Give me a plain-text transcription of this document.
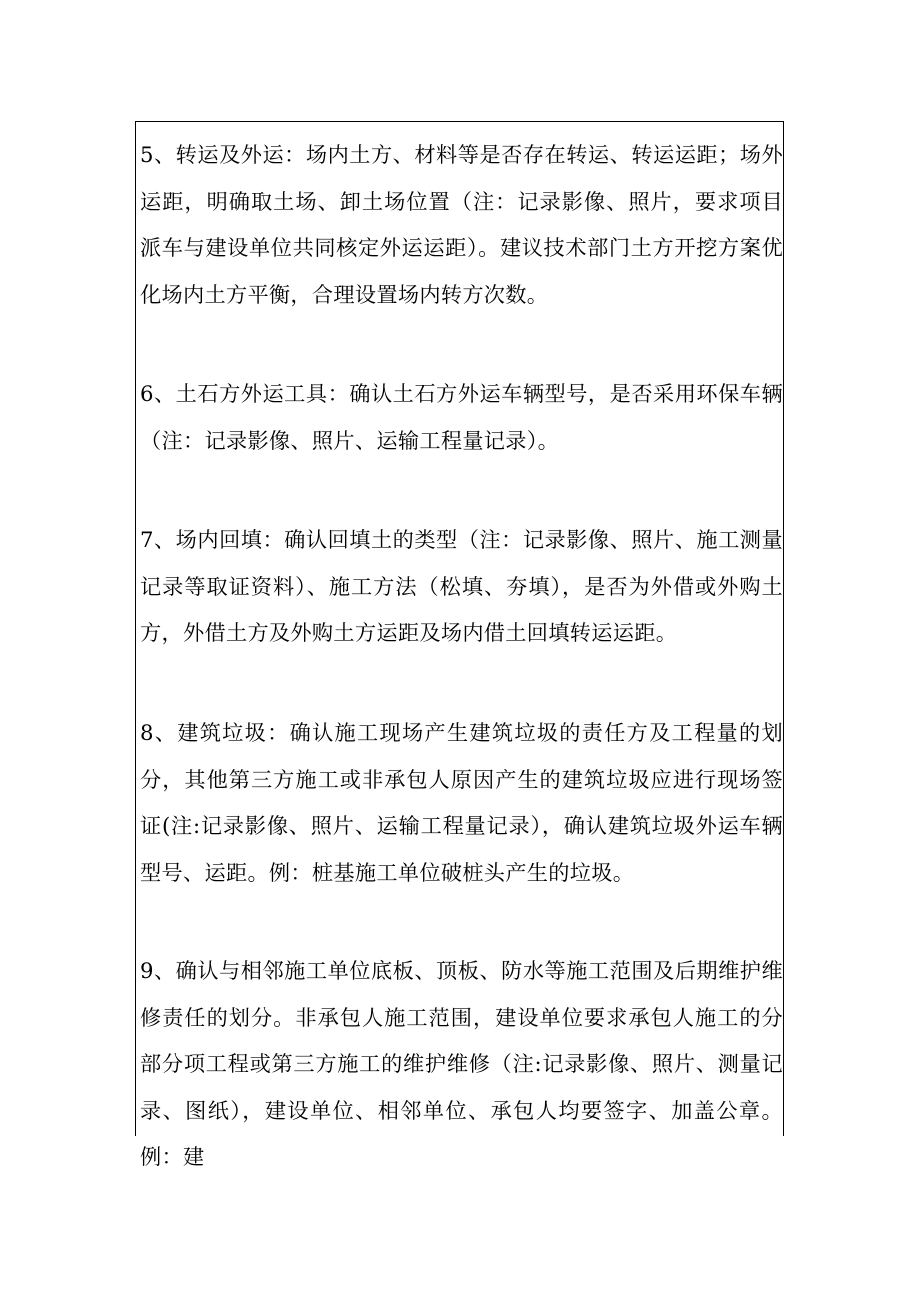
5、转运及外运：场内土方、材料等是否存在转运、转运运距；场外运距，明确取土场、卸土场位置（注：记录影像、照片，要求项目派车与建设单位共同核定外运运距）。建议技术部门土方开挖方案优化场内土方平衡，合理设置场内转方次数。
6、土石方外运工具：确认土石方外运车辆型号，是否采用环保车辆（注：记录影像、照片、运输工程量记录）。
7、场内回填：确认回填土的类型（注：记录影像、照片、施工测量记录等取证资料）、施工方法（松填、夯填），是否为外借或外购土方，外借土方及外购土方运距及场内借土回填转运运距。
8、建筑垃圾：确认施工现场产生建筑垃圾的责任方及工程量的划分，其他第三方施工或非承包人原因产生的建筑垃圾应进行现场签证(注:记录影像、照片、运输工程量记录），确认建筑垃圾外运车辆型号、运距。例：桩基施工单位破桩头产生的垃圾。
9、确认与相邻施工单位底板、顶板、防水等施工范围及后期维护维修责任的划分。非承包人施工范围，建设单位要求承包人施工的分部分项工程或第三方施工的维护维修（注:记录影像、照片、测量记录、图纸），建设单位、相邻单位、承包人均要签字、加盖公章。例：建
